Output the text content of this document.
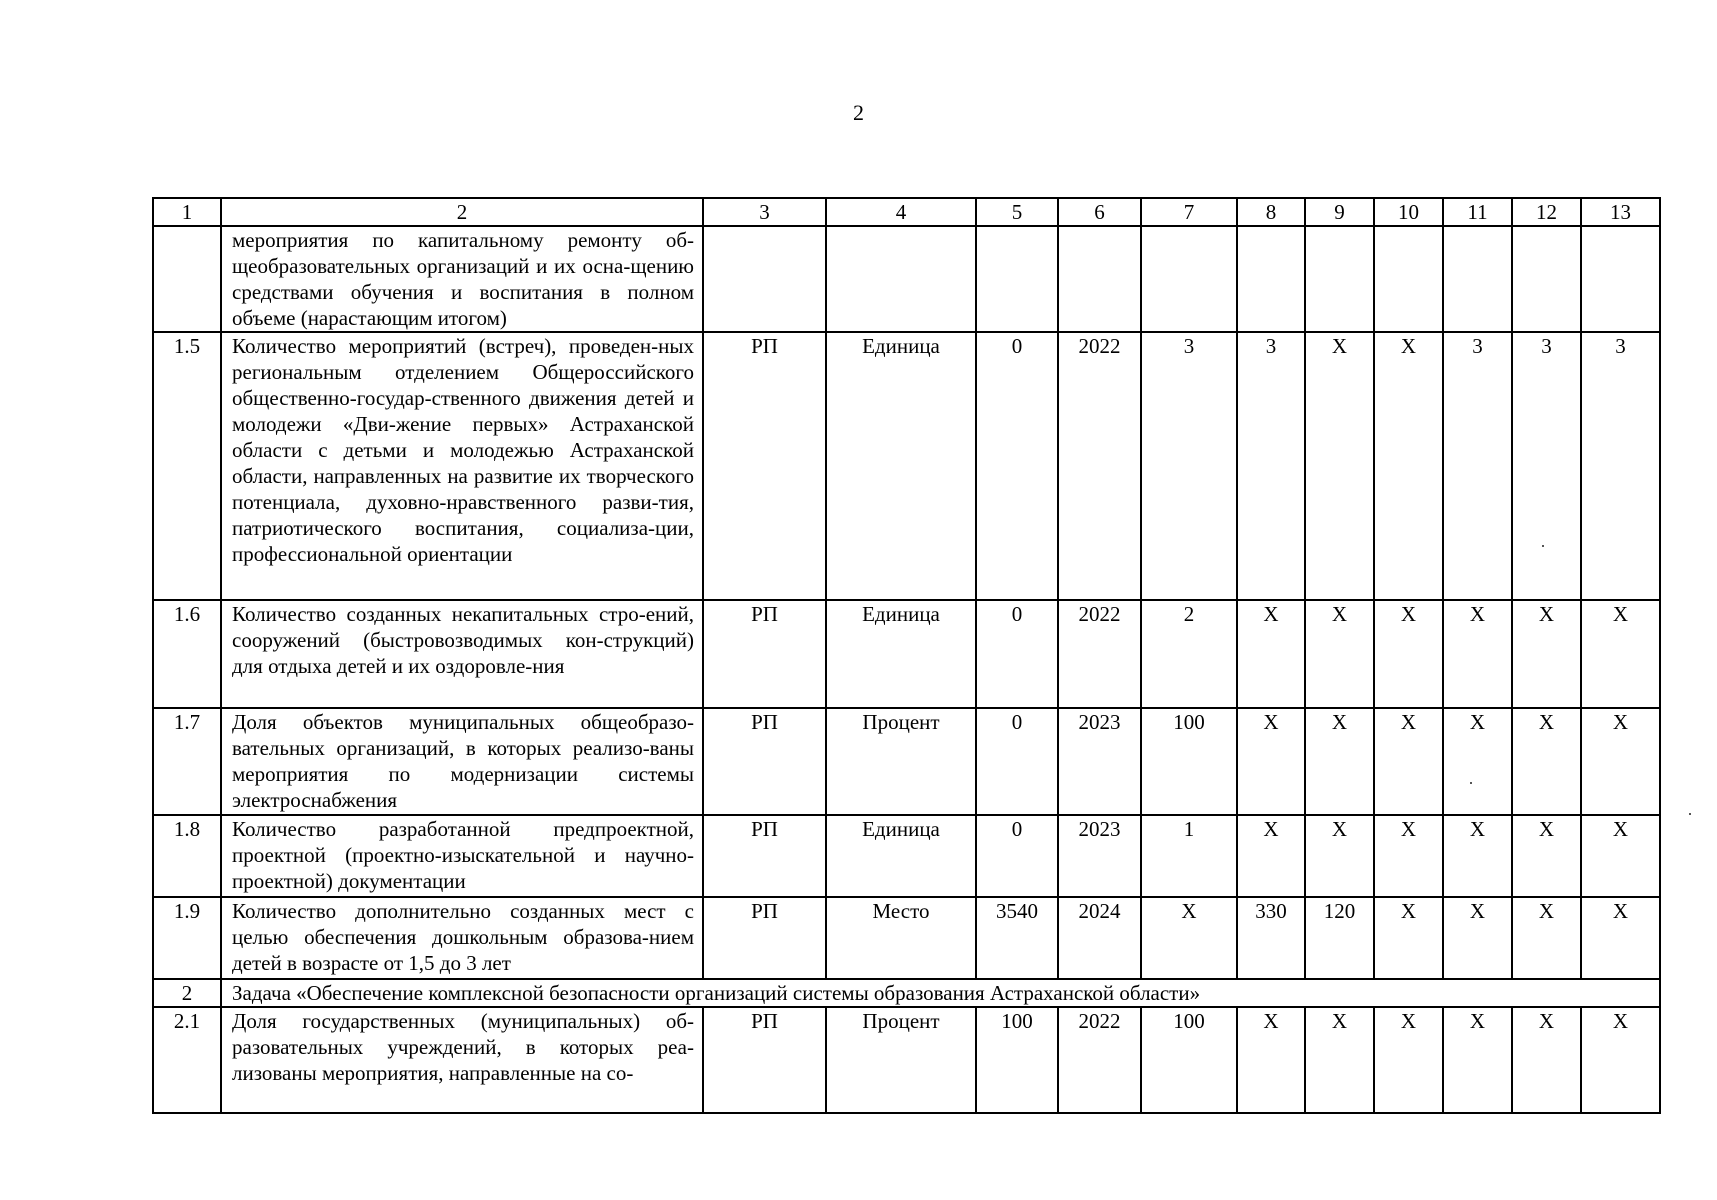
2
1	2	3	4	5	6	7	8	9	10	11	12	13
	мероприятия по капитальному ремонту об-щеобразовательных организаций и их осна-щению средствами обучения и воспитания в полном объеме (нарастающим итогом)											
1.5	Количество мероприятий (встреч), проведен-ных региональным отделением Общероссийского общественно-государ-ственного движения детей и молодежи «Дви-жение первых» Астраханской области с детьми и молодежью Астраханской области, направленных на развитие их творческого потенциала, духовно-нравственного разви-тия, патриотического воспитания, социализа-ции, профессиональной ориентации	РП	Единица	0	2022	3	3	Х	Х	3	3	3
1.6	Количество созданных некапитальных стро-ений, сооружений (быстровозводимых кон-струкций) для отдыха детей и их оздоровле-ния	РП	Единица	0	2022	2	Х	Х	Х	Х	Х	Х
1.7	Доля объектов муниципальных общеобразо-вательных организаций, в которых реализо-ваны мероприятия по модернизации системы электроснабжения	РП	Процент	0	2023	100	Х	Х	Х	Х	Х	Х
1.8	Количество разработанной предпроектной, проектной (проектно-изыскательной и научно-проектной) документации	РП	Единица	0	2023	1	Х	Х	Х	Х	Х	Х
1.9	Количество дополнительно созданных мест с целью обеспечения дошкольным образова-нием детей в возрасте от 1,5 до 3 лет	РП	Место	3540	2024	Х	330	120	Х	Х	Х	Х
2	Задача «Обеспечение комплексной безопасности организаций системы образования Астраханской области»											
2.1	Доля государственных (муниципальных) об-разовательных учреждений, в которых реа-лизованы мероприятия, направленные на со-	РП	Процент	100	2022	100	Х	Х	Х	Х	Х	Х
